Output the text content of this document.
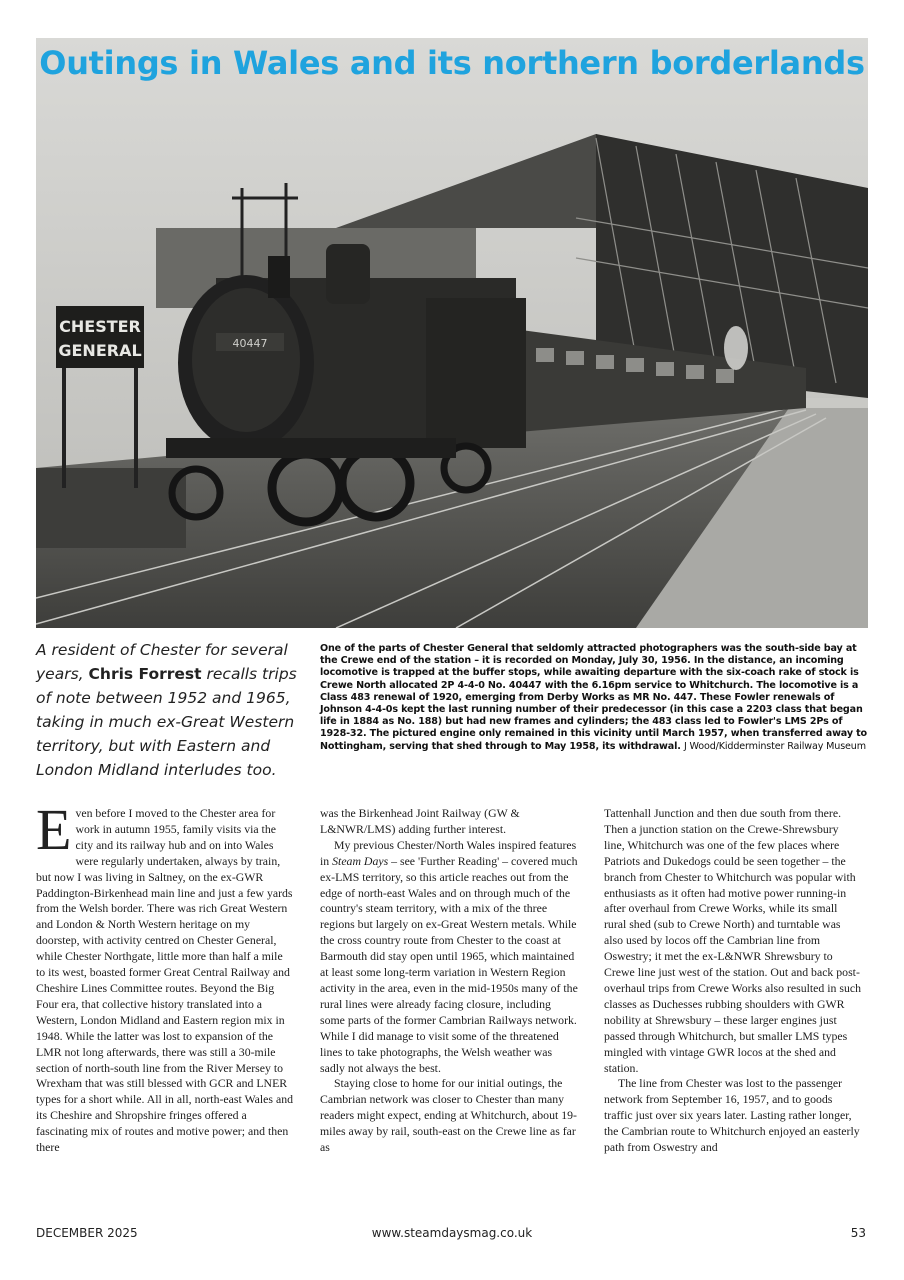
CHESTER
GENERAL	40447
Outings in Wales and its northern borderlands

A resident of Chester for several years, Chris Forrest recalls trips of note between 1952 and 1965, taking in much ex-Great Western territory, but with Eastern and London Midland interludes too.

One of the parts of Chester General that seldomly attracted photographers was the south-side bay at the Crewe end of the station – it is recorded on Monday, July 30, 1956. In the distance, an incoming locomotive is trapped at the buffer stops, while awaiting departure with the six-coach rake of stock is Crewe North allocated 2P 4-4-0 No. 40447 with the 6.16pm service to Whitchurch. The locomotive is a Class 483 renewal of 1920, emerging from Derby Works as MR No. 447. These Fowler renewals of Johnson 4-4-0s kept the last running number of their predecessor (in this case a 2203 class that began life in 1884 as No. 188) but had new frames and cylinders; the 483 class led to Fowler's LMS 2Ps of 1928-32. The pictured engine only remained in this vicinity until March 1957, when transferred away to Nottingham, serving that shed through to May 1958, its withdrawal. J Wood/Kidderminster Railway Museum

Even before I moved to the Chester area for work in autumn 1955, family visits via the city and its railway hub and on into Wales were regularly undertaken, always by train, but now I was living in Saltney, on the ex-GWR Paddington-Birkenhead main line and just a few yards from the Welsh border. There was rich Great Western and London & North Western heritage on my doorstep, with activity centred on Chester General, while Chester Northgate, little more than half a mile to its west, boasted former Great Central Railway and Cheshire Lines Committee routes. Beyond the Big Four era, that collective history translated into a Western, London Midland and Eastern region mix in 1948. While the latter was lost to expansion of the LMR not long afterwards, there was still a 30-mile section of north-south line from the River Mersey to Wrexham that was still blessed with GCR and LNER types for a short while. All in all, north-east Wales and its Cheshire and Shropshire fringes offered a fascinating mix of routes and motive power; and then there

was the Birkenhead Joint Railway (GW & L&NWR/LMS) adding further interest.

My previous Chester/North Wales inspired features in Steam Days – see 'Further Reading' – covered much ex-LMS territory, so this article reaches out from the edge of north-east Wales and on through much of the country's steam territory, with a mix of the three regions but largely on ex-Great Western metals. While the cross country route from Chester to the coast at Barmouth did stay open until 1965, which maintained at least some long-term variation in Western Region activity in the area, even in the mid-1950s many of the rural lines were already facing closure, including some parts of the former Cambrian Railways network. While I did manage to visit some of the threatened lines to take photographs, the Welsh weather was sadly not always the best.

Staying close to home for our initial outings, the Cambrian network was closer to Chester than many readers might expect, ending at Whitchurch, about 19-miles away by rail, south-east on the Crewe line as far as

Tattenhall Junction and then due south from there. Then a junction station on the Crewe-Shrewsbury line, Whitchurch was one of the few places where Patriots and Dukedogs could be seen together – the branch from Chester to Whitchurch was popular with enthusiasts as it often had motive power running-in after overhaul from Crewe Works, while its small rural shed (sub to Crewe North) and turntable was also used by locos off the Cambrian line from Oswestry; it met the ex-L&NWR Shrewsbury to Crewe line just west of the station. Out and back post-overhaul trips from Crewe Works also resulted in such classes as Duchesses rubbing shoulders with GWR nobility at Shrewsbury – these larger engines just passed through Whitchurch, but smaller LMS types mingled with vintage GWR locos at the shed and station.

The line from Chester was lost to the passenger network from September 16, 1957, and to goods traffic just over six years later. Lasting rather longer, the Cambrian route to Whitchurch enjoyed an easterly path from Oswestry and

DECEMBER 2025	www.steamdaysmag.co.uk	53
